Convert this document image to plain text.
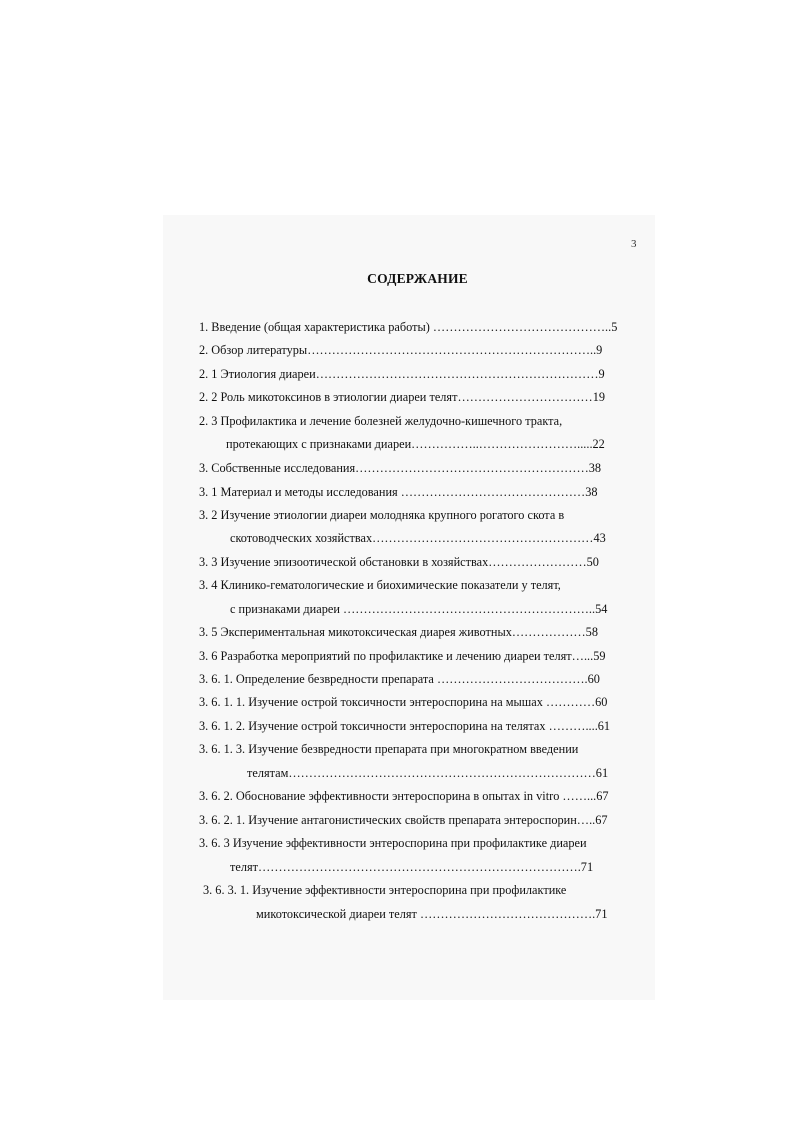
3
СОДЕРЖАНИЕ
1. Введение (общая характеристика работы) ……………………………………..5
2. Обзор литературы……………………………………………………………..9
2. 1 Этиология диареи……………………………………………………………9
2. 2 Роль микотоксинов в этиологии диареи телят……………………………19
2. 3 Профилактика и лечение болезней желудочно-кишечного тракта,
протекающих с признаками диареи……………..…………………….....22
3. Собственные исследования…………………………………………………38
3. 1 Материал и методы исследования ………………………………………38
3. 2 Изучение этиологии диареи молодняка крупного рогатого скота в
скотоводческих хозяйствах………………………………………………43
3. 3 Изучение эпизоотической обстановки в хозяйствах……………………50
3. 4 Клинико-гематологические и биохимические показатели у телят,
с признаками диареи ……………………………………………………..54
3. 5 Экспериментальная микотоксическая диарея животных………………58
3. 6 Разработка мероприятий по профилактике и лечению диареи телят…...59
3. 6. 1. Определение безвредности препарата ……………………………….60
3. 6. 1. 1. Изучение острой токсичности энтероспорина на мышах …………60
3. 6. 1. 2. Изучение острой токсичности энтероспорина на телятах ………....61
3. 6. 1. 3. Изучение безвредности препарата при многократном введении
телятам…………………………………………………………………61
3. 6. 2. Обоснование эффективности энтероспорина в опытах in vitro ……...67
3. 6. 2. 1. Изучение антагонистических свойств препарата энтероспорин…..67
3. 6. 3 Изучение эффективности энтероспорина при профилактике диареи
телят…………………………………………………………………….71
3. 6. 3. 1. Изучение эффективности энтероспорина при профилактике
микотоксической диареи телят …………………………………….71
